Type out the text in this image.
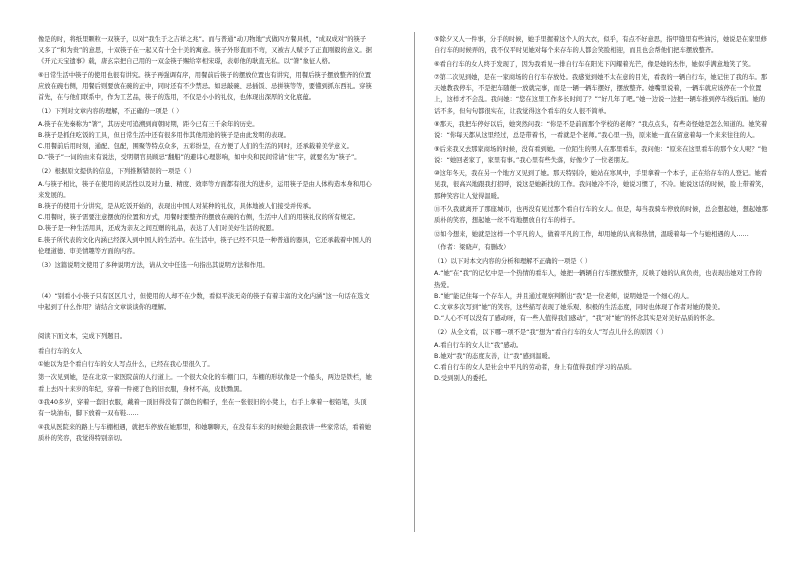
像是的时，将纸里颗粒一双筷子，以对“我生于之吉祥之兆”。而与普通“动刀物地”式做四方餐具机，“成双成对”的筷子又多了“和为贵”的意思，十双筷子在一起又有十全十美的寓意。筷子外形直而不弯，又被古人赋予了正直刚毅的意义。据《开元天宝遗事》载，唐玄宗把自己用的一双金筷子赐给宰相宋璟，表彰他的耿直无私。以“箸”象征人格。
⑥日常生活中筷子的使用也很有讲究。筷子再强调有序，用餐前后筷子的摆放位置也有讲究，用餐后筷子摆放整齐的位置应放在碗右侧，用餐后则要放在碗的正中，同时还有不少禁忌。如忌敲碗、忌插饭、忌拼筷等等，要懂到抓东西礼。穿筷首先，在与他们联系中，作为工艺品，筷子的选用，不仅是小小的礼仪，也体现出深厚的文化底蕴。
（1）下列对文章内容的理解，不正确的一项是（ ）
A.筷子在先秦称为“箸”，其历史可追溯到商朝时期，距今已有三千余年的历史。
B.筷子是抓住吃饭的工具，但日常生活中还有很多用作其他用途的筷子是由此发明的表现。
C.用餐前后用时刻，通配、包配，围聚等特点众多，五彩纷呈，在方便了人们的生活的同时，还承载着美学意义。
D.“筷子”一词的由来有说法，受明朝官员顾忌“翻船”的避讳心理影响，如中央和民间常请“住”字，就要名为“筷子”。
（2）根据原文提供的信息，下列推断错误的一项是（ ）
A.与筷子相比，筷子在使用的灵活性以及对力量、精度、效率等方面都有很大的进步，运用筷子是由人体构造本身和用心来发展的。
B.筷子的使用十分讲究，是从吃饭开始的，表现出中国人对某种的礼仪，具体地被人们接受并传承。
C.用餐时，筷子需要注意摆放的位置和方式，用餐时要整齐的摆放在碗的右侧，生活中人们的用筷礼仪的所有规定。
D.筷子是一种生活用具，还成为亲友之间互赠的礼品，表达了人们对美好生活的祝愿。
E.筷子所代表的文化内涵已经深入到中国人的生活中。在生活中，筷子已经不只是一种普通的器具，它还承载着中国人的伦理道德、审美情趣等方面的内容。
（3）这篇说明文使用了多种说明方法，请从文中任选一句指出其说明方法和作用。
（4）“别看小小筷子只有区区几寸，但使用的人却不在少数，看似平淡无奇的筷子有着丰富的文化内涵”这一句话在选文中起到了什么作用？请结合文章谈谈你的理解。
阅读下面文本，完成下列题目。
看自行车的女人
①她以为是个看自行车的女人写点什么，已经在我心里很久了。
第一次见到她，是在北京一家医院前的人行道上。一个很大众化的车棚门口，车棚的形状像是一个船头，两边是铁栏，她看上去四十来岁的年纪，穿着一件褪了色的旧衣服，身材不高，皮肤黝黑。
③我40多岁，穿着一套旧衣服，戴着一顶旧得没有了颜色的帽子，坐在一张很旧的小凳上，右手上拿着一根铅笔，头顶有一块油布，脚下放着一双布鞋……
④我从医院来的路上与车棚相遇，就把车停放在她那里，和她聊聊天，在没有车来的时候她会跟我讲一些家常话，看着她质朴的笑容，我觉得特别亲切。
⑤除夕又人一件事，分手的时候，她手里握着这个人的大衣，似乎，有点不好意思，指甲缝里有些油污，她说是在家里修自行车的时候弄的，我不仅平时见她对每个来存车的人都会笑脸相迎，而且也会帮他们把车摆放整齐。
⑥看自行车的女人终于发现了，因为我看见一排自行车在阳光下闪耀着光芒，像是她的杰作，她似乎满意地笑了笑。
⑦第二次见到她，是在一家商场的自行车存放处。我感觉到她不太在意的目光，看我的一辆自行车，她记住了我的车。那天她教我停车，不是把车随便一放就完事，而是一辆一辆车摆好，摆放整齐。她嘴里说着，一辆车就应该停在一个位置上，这样才不会乱。我问她：“您在这里工作多长时间了？”“好几年了吧。”她一边说一边把一辆车推到停车线后面。她的话不多，但句句都很实在，让我觉得这个看车的女人很不简单。
⑧那天，我把车停好以后，她突然问我：“你是不是前面那个学校的老师？”我点点头，有些奇怪她是怎么知道的。她笑着说：“你每天都从这里经过，总是带着书，一看就是个老师。”我心里一热，原来她一直在留意着每一个来来往往的人。
⑨后来我又去那家商场的时候，没有看到她。一位陌生的男人在那里看车，我问他：“原来在这里看车的那个女人呢？”他说：“她回老家了，家里有事。”我心里有些失落，好像少了一位老朋友。
⑩这年冬天，我在另一个地方又见到了她。那天特别冷，她站在寒风中，手里拿着一个本子，正在给存车的人登记。她看见我，很高兴地跟我打招呼，说这是她新找的工作。我问她冷不冷，她说习惯了，不冷。她说这话的时候，脸上带着笑，那种笑容让人觉得温暖。
⑪不久我就离开了那座城市，也再没有见过那个看自行车的女人。但是，每当我骑车停放的时候，总会想起她，想起她那质朴的笑容，想起她一丝不苟地摆放自行车的样子。
⑫如今想来，她就是这样一个平凡的人，做着平凡的工作，却用她的认真和热情，温暖着每一个与她相遇的人……
（作者：梁晓声，有删改）
（1）以下对本文内容的分析和理解不正确的一项是（ ）
A.“她”在“我”的记忆中是一个热情的看车人，她把一辆辆自行车摆放整齐，反映了她的认真负责，也表现出她对工作的热爱。
B.“她”能记住每一个存车人，并且通过观察判断出“我”是一位老师，说明她是一个细心的人。
C.文章多次写到“她”的笑容，这些描写表现了她乐观、积极的生活态度，同时也体现了作者对她的赞美。
D.“人心不可以没有了感动呀，有一些人值得我们感动”，“我”对“她”的怀念其实是对美好品质的怀念。
（2）从全文看，以下哪一项不是“我”想为“看自行车的女人”写点儿什么的原因（ ）
A.看自行车的女人让“我”感动。
B.她对“我”的态度友善，让“我”感到温暖。
C.看自行车的女人是社会中平凡的劳动者，身上有值得我们学习的品质。
D.受到别人的委托。
